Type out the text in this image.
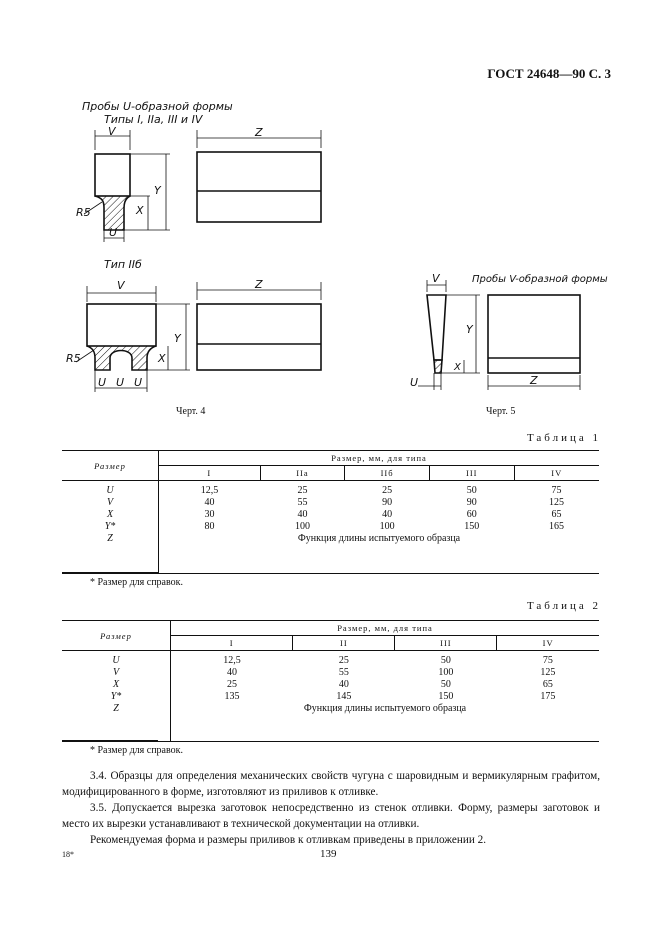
ГОСТ 24648—90 С. 3
Пробы U-образной формы
Типы I, IIа, III и IV
V
U
Y
X
R5
Z
Тип IIб
V
U U U
Y
X
R5
Z	Пробы V-образной формы
V
U
Y
X
Z
Черт. 4	Черт. 5
Таблица 1
Размер	Размер, мм, для типа				
	I	IIа	IIб	III	IV
U	12,5	25	25	50	75
V	40	55	90	90	125
X	30	40	40	60	65
Y*	80	100	100	150	165
Z	Функция длины испытуемого образца				

* Размер для справок.
Таблица 2
Размер	Размер, мм, для типа			
	I	II	III	IV
U	12,5	25	50	75
V	40	55	100	125
X	25	40	50	65
Y*	135	145	150	175
Z	Функция длины испытуемого образца			

* Размер для справок.

3.4. Образцы для определения механических свойств чугуна с шаровидным и вермикулярным графитом, модифицированного в форме, изготовляют из приливов к отливке.

3.5. Допускается вырезка заготовок непосредственно из стенок отливки. Форму, размеры заготовок и место их вырезки устанавливают в технической документации на отливки.

Рекомендуемая форма и размеры приливов к отливкам приведены в приложении 2.

18*	139
